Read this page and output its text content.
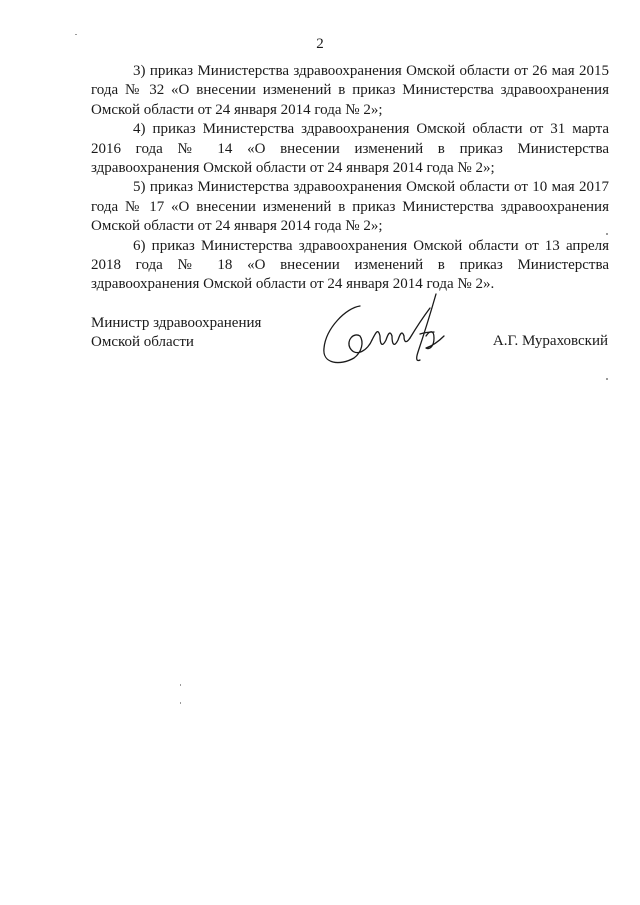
2

3) приказ Министерства здравоохранения Омской области от 26 мая 2015 года № 32 «О внесении изменений в приказ Министерства здравоохранения Омской области от 24 января 2014 года № 2»;

4) приказ Министерства здравоохранения Омской области от 31 марта 2016 года № 14 «О внесении изменений в приказ Министерства здравоохранения Омской области от 24 января 2014 года № 2»;

5) приказ Министерства здравоохранения Омской области от 10 мая 2017 года № 17 «О внесении изменений в приказ Министерства здравоохранения Омской области от 24 января 2014 года № 2»;

6) приказ Министерства здравоохранения Омской области от 13 апреля 2018 года № 18 «О внесении изменений в приказ Министерства здравоохранения Омской области от 24 января 2014 года № 2».

Министр здравоохранения
Омской области	А.Г. Мураховский
